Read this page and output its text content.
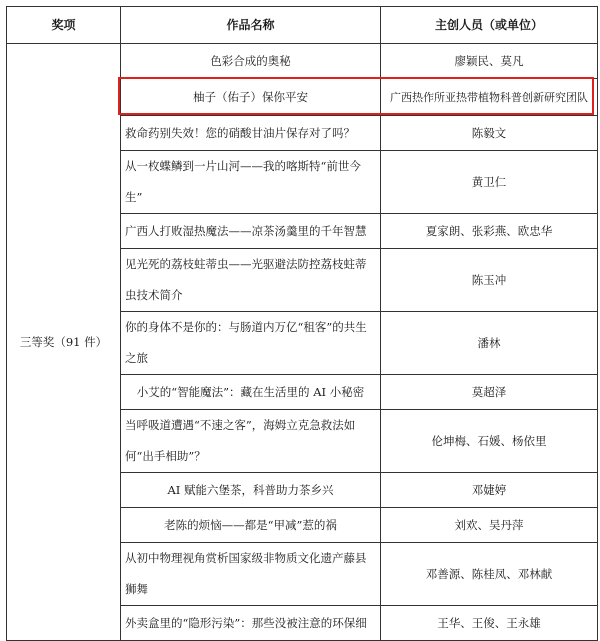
奖项	作品名称	主创人员（或单位）
三等奖（91 件）	色彩合成的奥秘	廖颖民、莫凡
	柚子（佑子）保你平安	广西热作所亚热带植物科普创新研究团队
	救命药别失效！您的硝酸甘油片保存对了吗？	陈毅文
	从一枚蝶鳞到一片山河——我的喀斯特“前世今生”	黄卫仁
	广西人打败湿热魔法——凉茶汤羹里的千年智慧	夏家朗、张彩燕、欧忠华
	见光死的荔枝蛀蒂虫——光驱避法防控荔枝蛀蒂虫技术简介	陈玉冲
	你的身体不是你的：与肠道内万亿“租客”的共生之旅	潘林
	小艾的“智能魔法”：藏在生活里的 AI 小秘密	莫超泽
	当呼吸道遭遇“不速之客”，海姆立克急救法如何“出手相助”？	伦坤梅、石媛、杨依里
	AI 赋能六堡茶，科普助力茶乡兴	邓婕婷
	老陈的烦恼——都是“甲减”惹的祸	刘欢、吴丹萍
	从初中物理视角赏析国家级非物质文化遗产藤县狮舞	邓善源、陈桂凤、邓林献
	外卖盒里的“隐形污染”：那些没被注意的环保细	王华、王俊、王永雄
